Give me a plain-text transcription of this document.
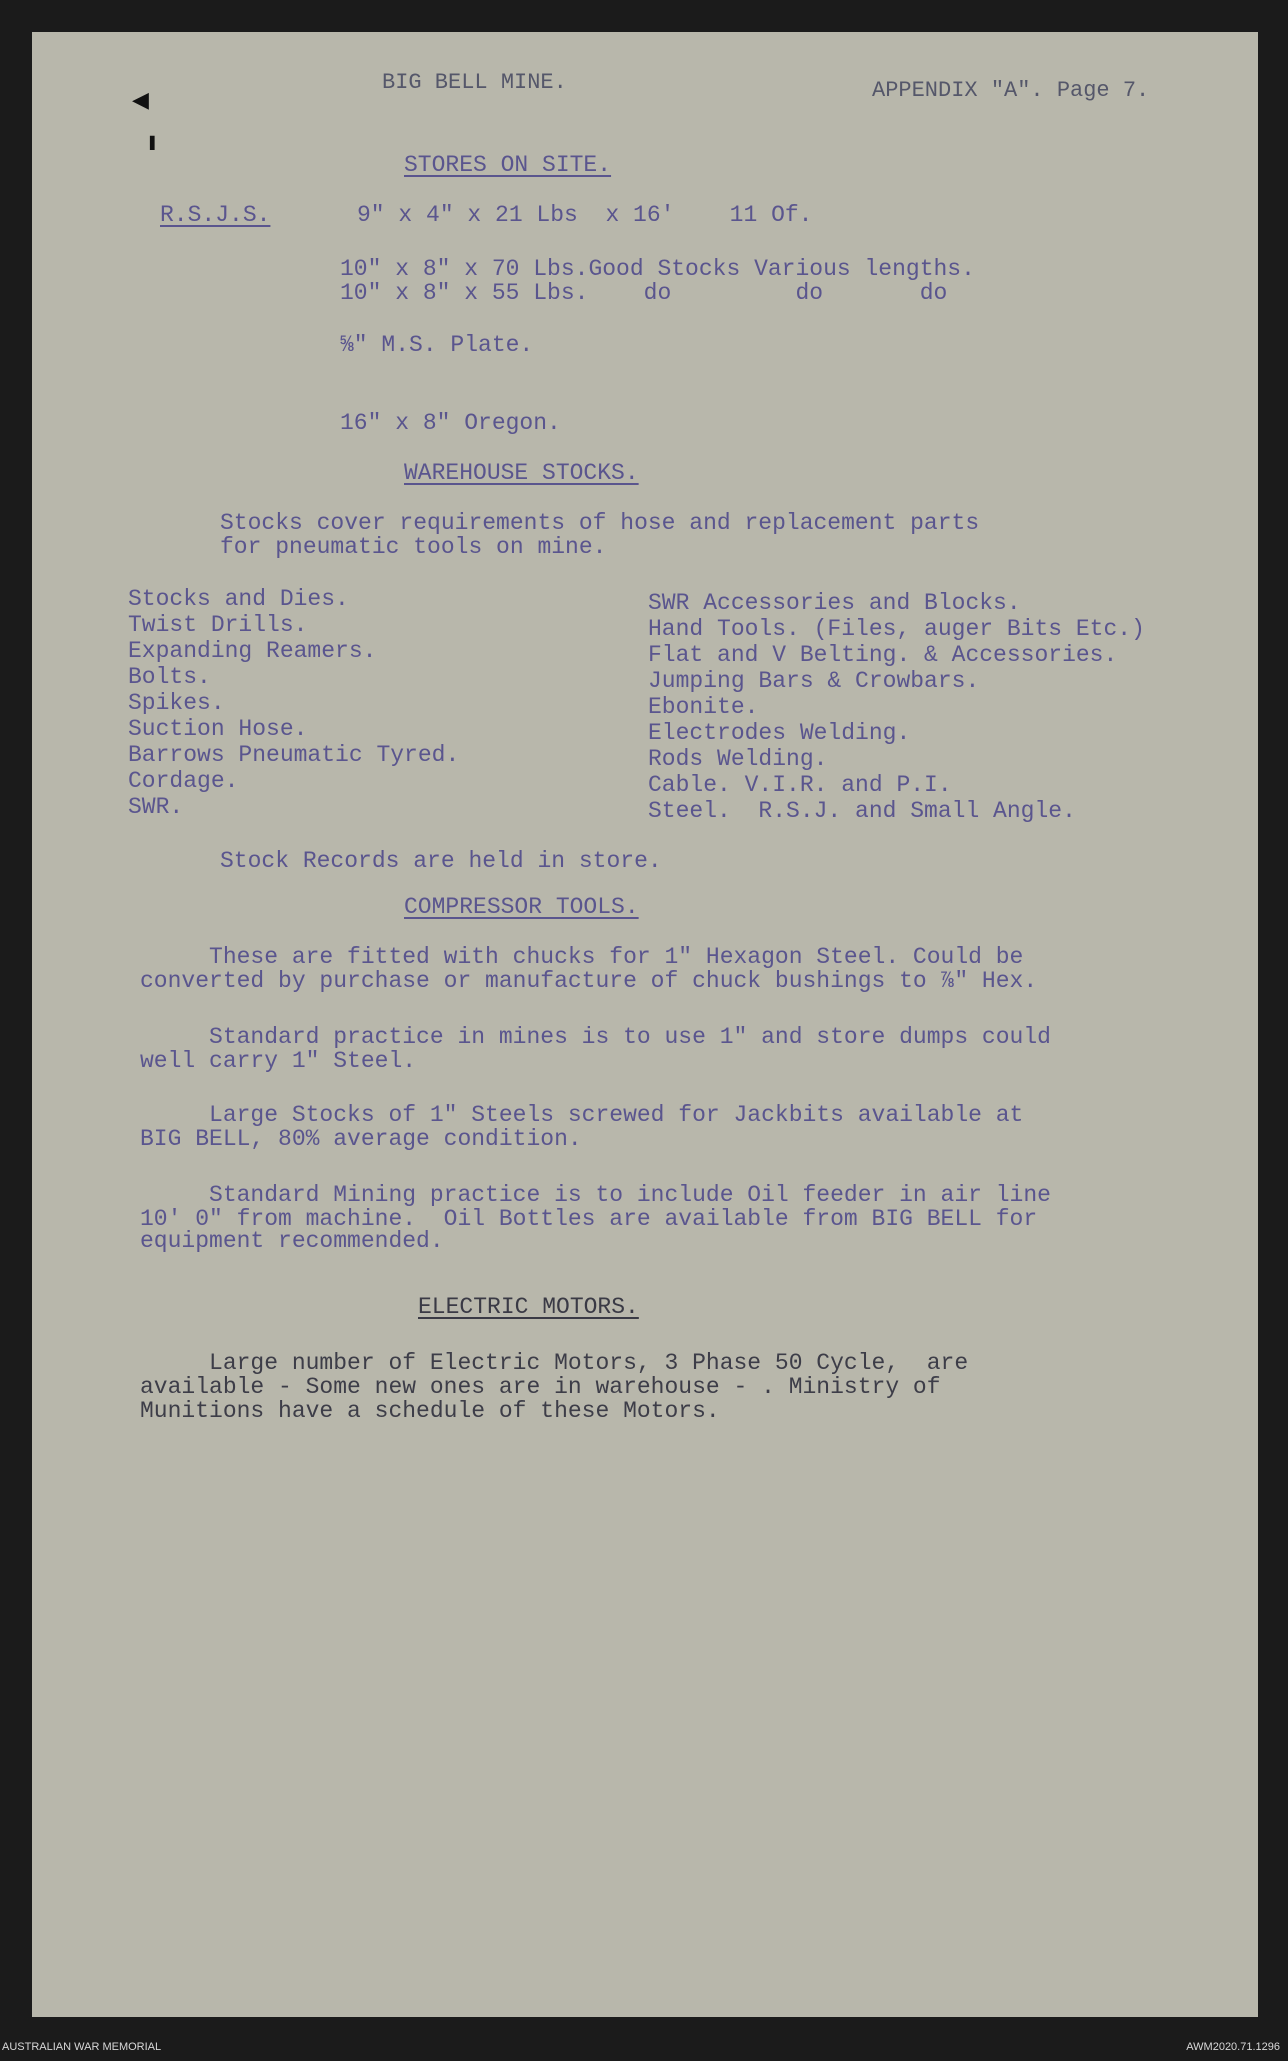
BIG BELL MINE.	APPENDIX "A". Page 7.
STORES ON SITE.
R.S.J.S.	9" x 4" x 21 Lbs  x 16'    11 Of.
10" x 8" x 70 Lbs.Good Stocks Various lengths.
10" x 8" x 55 Lbs.    do         do       do
⅝" M.S. Plate.
16" x 8" Oregon.
WAREHOUSE STOCKS.
Stocks cover requirements of hose and replacement parts
for pneumatic tools on mine.
Stocks and Dies.
Twist Drills.
Expanding Reamers.
Bolts.
Spikes.
Suction Hose.
Barrows Pneumatic Tyred.
Cordage.
SWR.
SWR Accessories and Blocks.
Hand Tools. (Files, auger Bits Etc.)
Flat and V Belting. & Accessories.
Jumping Bars & Crowbars.
Ebonite.
Electrodes Welding.
Rods Welding.
Cable. V.I.R. and P.I.
Steel.  R.S.J. and Small Angle.
Stock Records are held in store.
COMPRESSOR TOOLS.
These are fitted with chucks for 1" Hexagon Steel. Could be
converted by purchase or manufacture of chuck bushings to ⅞" Hex.
Standard practice in mines is to use 1" and store dumps could
well carry 1" Steel.
Large Stocks of 1" Steels screwed for Jackbits available at
BIG BELL, 80% average condition.
Standard Mining practice is to include Oil feeder in air line
10' 0" from machine.  Oil Bottles are available from BIG BELL for
equipment recommended.
ELECTRIC MOTORS.
Large number of Electric Motors, 3 Phase 50 Cycle,  are
available - Some new ones are in warehouse - . Ministry of
Munitions have a schedule of these Motors.
◀
▌
AUSTRALIAN WAR MEMORIAL	AWM2020.71.1296
